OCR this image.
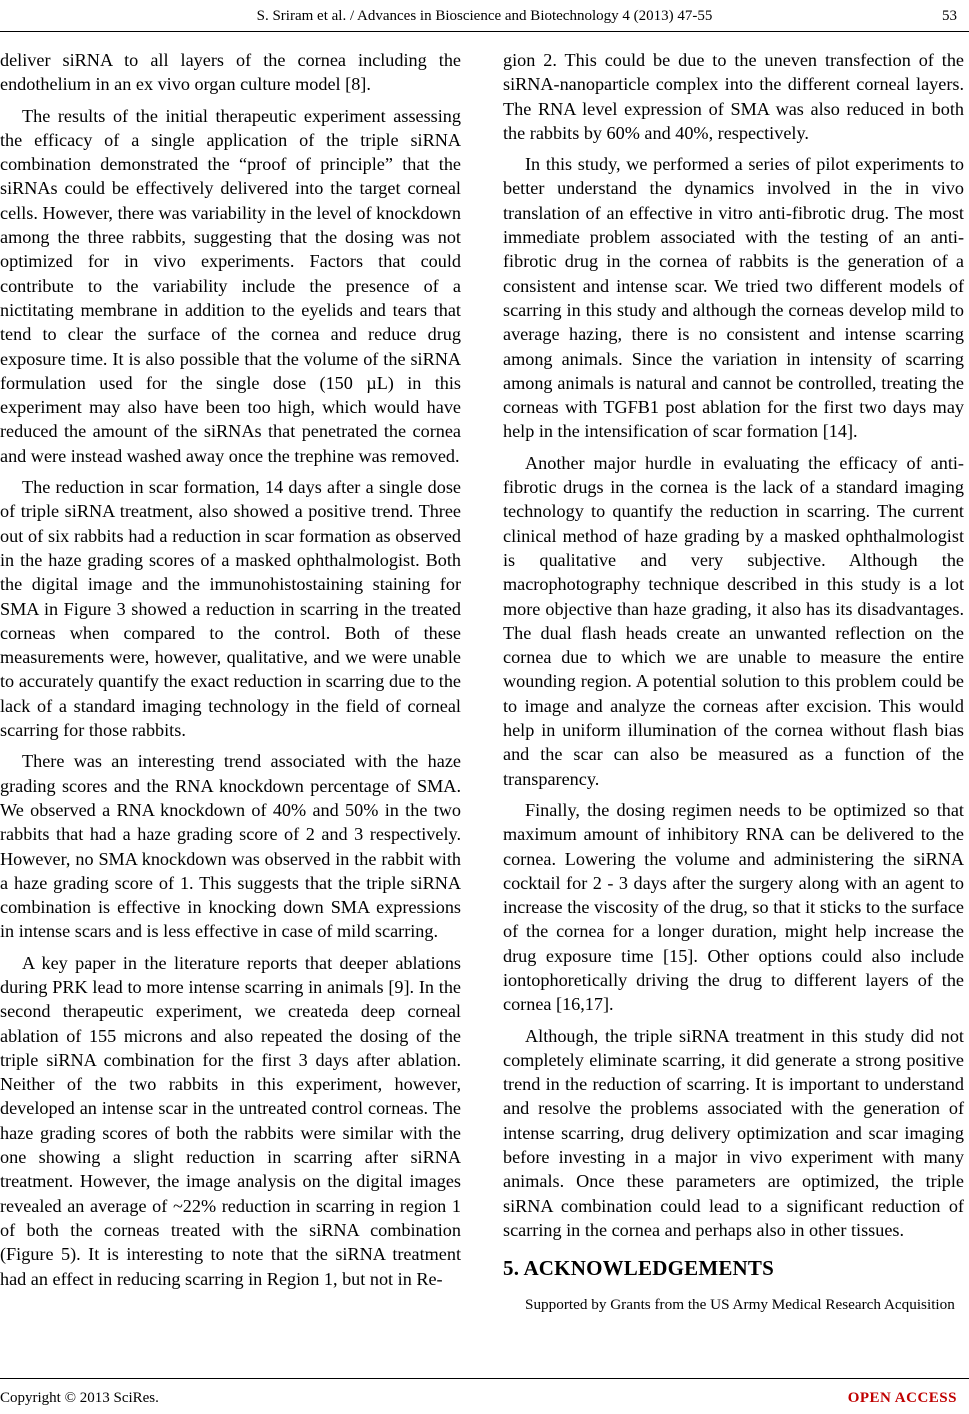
S. Sriram et al. / Advances in Bioscience and Biotechnology 4 (2013) 47-55	53

deliver siRNA to all layers of the cornea including the endothelium in an ex vivo organ culture model [8].

The results of the initial therapeutic experiment assessing the efficacy of a single application of the triple siRNA combination demonstrated the “proof of principle” that the siRNAs could be effectively delivered into the target corneal cells. However, there was variability in the level of knockdown among the three rabbits, suggesting that the dosing was not optimized for in vivo experiments. Factors that could contribute to the variability include the presence of a nictitating membrane in addition to the eyelids and tears that tend to clear the surface of the cornea and reduce drug exposure time. It is also possible that the volume of the siRNA formulation used for the single dose (150 µL) in this experiment may also have been too high, which would have reduced the amount of the siRNAs that penetrated the cornea and were instead washed away once the trephine was removed.

The reduction in scar formation, 14 days after a single dose of triple siRNA treatment, also showed a positive trend. Three out of six rabbits had a reduction in scar formation as observed in the haze grading scores of a masked ophthalmologist. Both the digital image and the immunohistostaining staining for SMA in Figure 3 showed a reduction in scarring in the treated corneas when compared to the control. Both of these measurements were, however, qualitative, and we were unable to accurately quantify the exact reduction in scarring due to the lack of a standard imaging technology in the field of corneal scarring for those rabbits.

There was an interesting trend associated with the haze grading scores and the RNA knockdown percentage of SMA. We observed a RNA knockdown of 40% and 50% in the two rabbits that had a haze grading score of 2 and 3 respectively. However, no SMA knockdown was observed in the rabbit with a haze grading score of 1. This suggests that the triple siRNA combination is effective in knocking down SMA expressions in intense scars and is less effective in case of mild scarring.

A key paper in the literature reports that deeper ablations during PRK lead to more intense scarring in animals [9]. In the second therapeutic experiment, we createda deep corneal ablation of 155 microns and also repeated the dosing of the triple siRNA combination for the first 3 days after ablation. Neither of the two rabbits in this experiment, however, developed an intense scar in the untreated control corneas. The haze grading scores of both the rabbits were similar with the one showing a slight reduction in scarring after siRNA treatment. However, the image analysis on the digital images revealed an average of ~22% reduction in scarring in region 1 of both the corneas treated with the siRNA combination (Figure 5). It is interesting to note that the siRNA treatment had an effect in reducing scarring in Region 1, but not in Re-

gion 2. This could be due to the uneven transfection of the siRNA-nanoparticle complex into the different corneal layers. The RNA level expression of SMA was also reduced in both the rabbits by 60% and 40%, respectively.

In this study, we performed a series of pilot experiments to better understand the dynamics involved in the in vivo translation of an effective in vitro anti-fibrotic drug. The most immediate problem associated with the testing of an anti-fibrotic drug in the cornea of rabbits is the generation of a consistent and intense scar. We tried two different models of scarring in this study and although the corneas develop mild to average hazing, there is no consistent and intense scarring among animals. Since the variation in intensity of scarring among animals is natural and cannot be controlled, treating the corneas with TGFB1 post ablation for the first two days may help in the intensification of scar formation [14].

Another major hurdle in evaluating the efficacy of anti-fibrotic drugs in the cornea is the lack of a standard imaging technology to quantify the reduction in scarring. The current clinical method of haze grading by a masked ophthalmologist is qualitative and very subjective. Although the macrophotography technique described in this study is a lot more objective than haze grading, it also has its disadvantages. The dual flash heads create an unwanted reflection on the cornea due to which we are unable to measure the entire wounding region. A potential solution to this problem could be to image and analyze the corneas after excision. This would help in uniform illumination of the cornea without flash bias and the scar can also be measured as a function of the transparency.

Finally, the dosing regimen needs to be optimized so that maximum amount of inhibitory RNA can be delivered to the cornea. Lowering the volume and administering the siRNA cocktail for 2 - 3 days after the surgery along with an agent to increase the viscosity of the drug, so that it sticks to the surface of the cornea for a longer duration, might help increase the drug exposure time [15]. Other options could also include iontophoretically driving the drug to different layers of the cornea [16,17].

Although, the triple siRNA treatment in this study did not completely eliminate scarring, it did generate a strong positive trend in the reduction of scarring. It is important to understand and resolve the problems associated with the generation of intense scarring, drug delivery optimization and scar imaging before investing in a major in vivo experiment with many animals. Once these parameters are optimized, the triple siRNA combination could lead to a significant reduction of scarring in the cornea and perhaps also in other tissues.

5. ACKNOWLEDGEMENTS

Supported by Grants from the US Army Medical Research Acquisition

Copyright © 2013 SciRes.	OPEN ACCESS
